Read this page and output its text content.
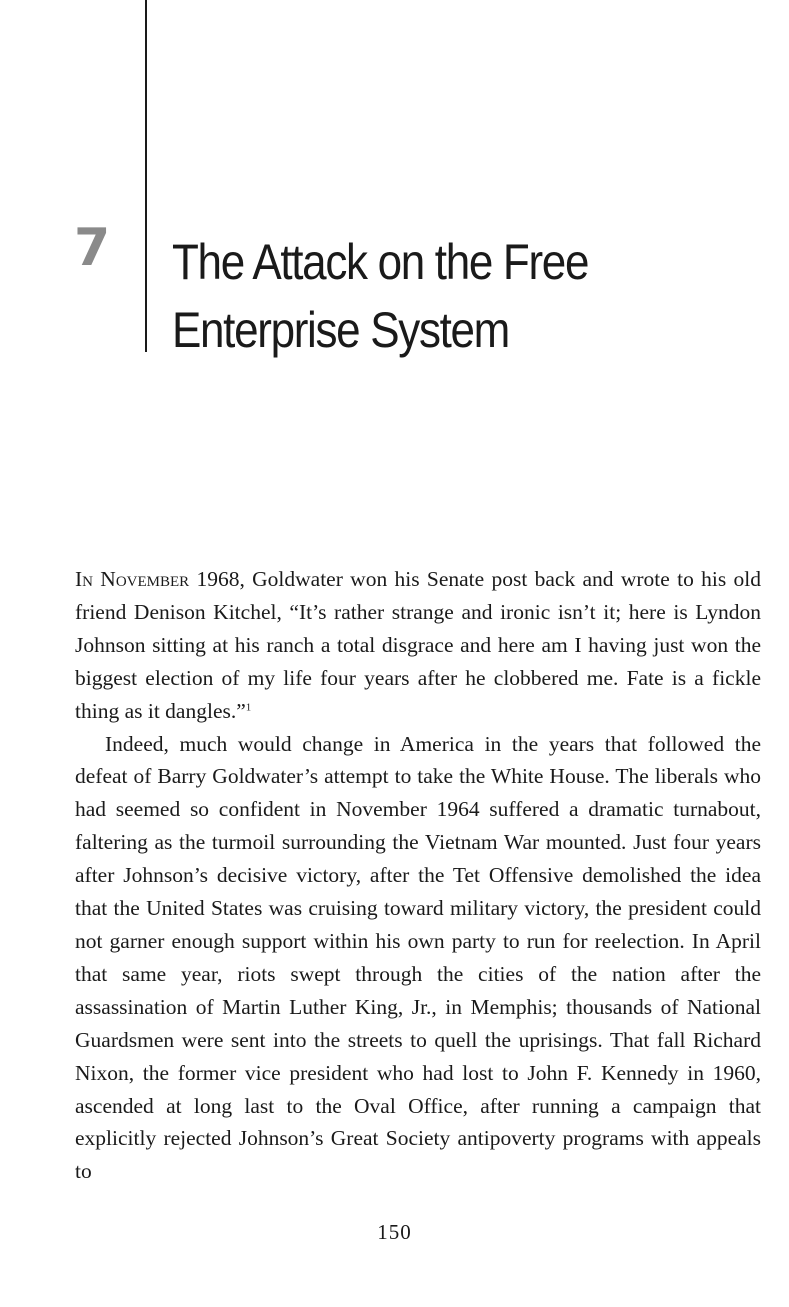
7 The Attack on the Free
Enterprise System

In November 1968, Goldwater won his Senate post back and wrote to his old friend Denison Kitchel, “It’s rather strange and ironic isn’t it; here is Lyndon Johnson sitting at his ranch a total disgrace and here am I having just won the biggest election of my life four years after he clobbered me. Fate is a fickle thing as it dangles.”$^1$

Indeed, much would change in America in the years that followed the defeat of Barry Goldwater’s attempt to take the White House. The liberals who had seemed so confident in November 1964 suffered a dramatic turnabout, faltering as the turmoil surrounding the Vietnam War mounted. Just four years after Johnson’s decisive victory, after the Tet Offensive demolished the idea that the United States was cruising toward military victory, the president could not garner enough support within his own party to run for reelection. In April that same year, riots swept through the cities of the nation after the assassination of Martin Luther King, Jr., in Memphis; thousands of National Guardsmen were sent into the streets to quell the uprisings. That fall Richard Nixon, the former vice president who had lost to John F. Kennedy in 1960, ascended at long last to the Oval Office, after running a campaign that explicitly rejected Johnson’s Great Society antipoverty programs with appeals to

150
